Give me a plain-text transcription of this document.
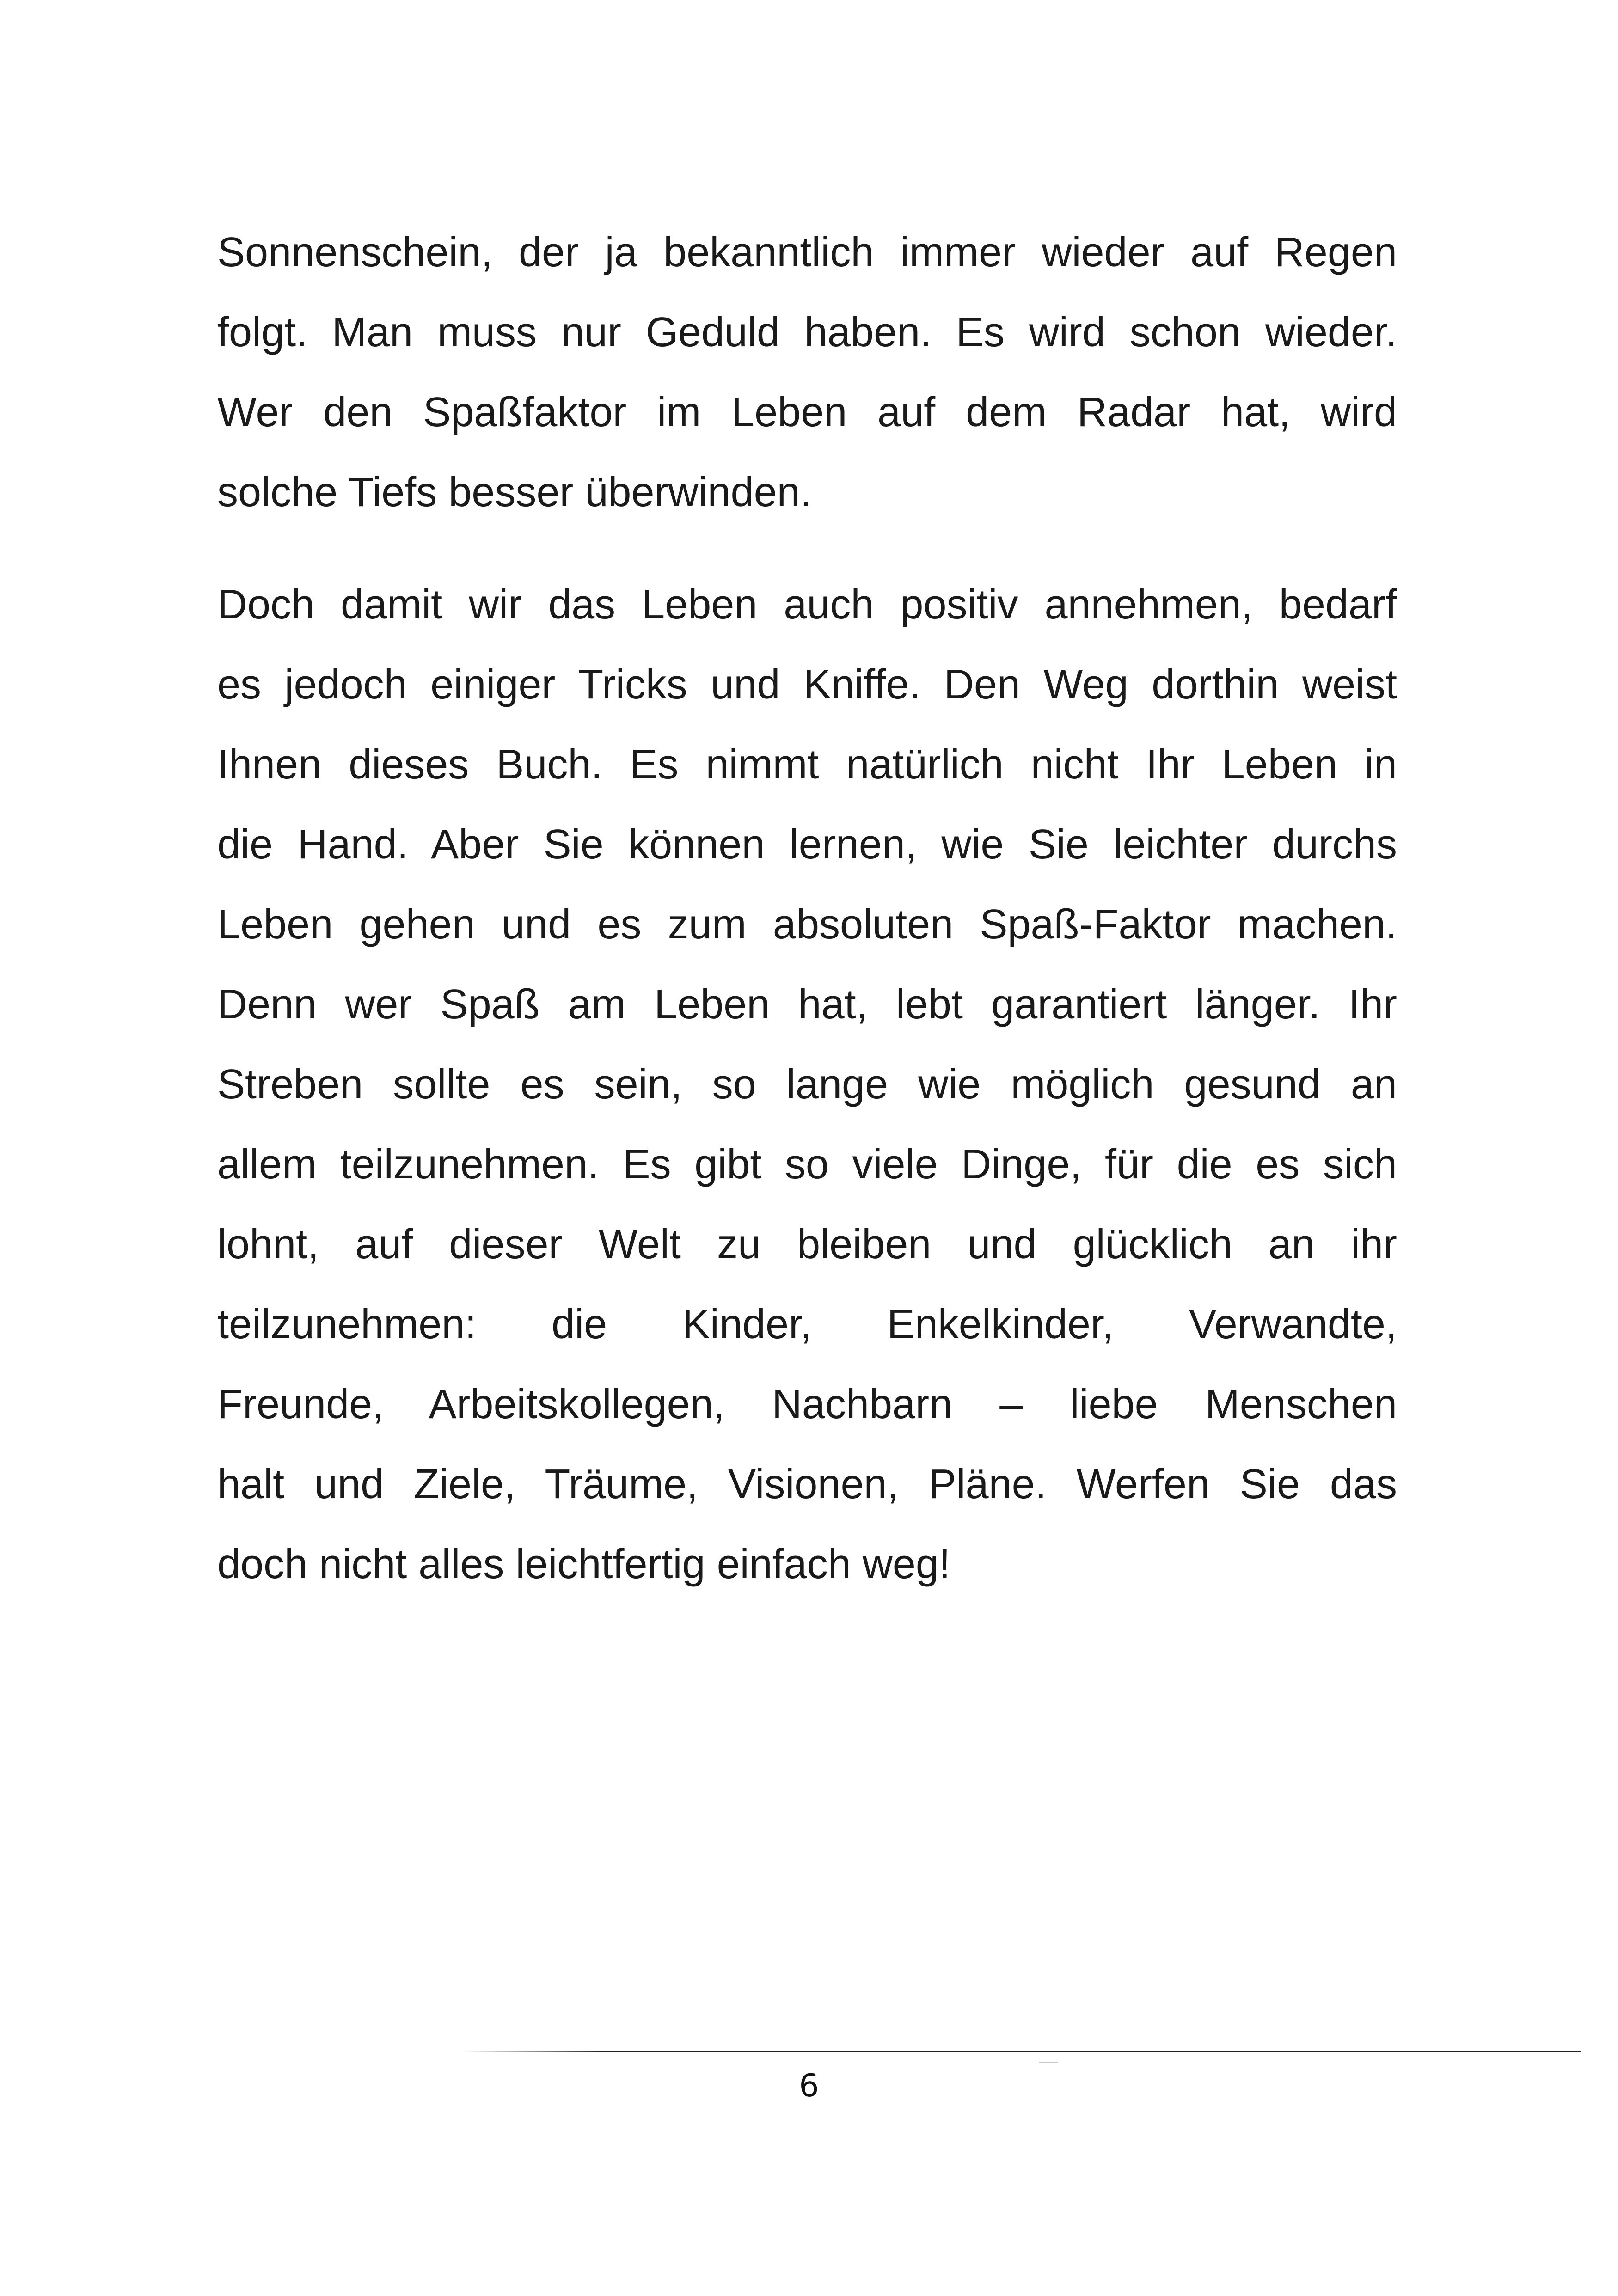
Sonnenschein, der ja bekanntlich immer wieder auf Regen
folgt. Man muss nur Geduld haben. Es wird schon wieder.
Wer den Spaßfaktor im Leben auf dem Radar hat, wird
solche Tiefs besser überwinden.

Doch damit wir das Leben auch positiv annehmen, bedarf
es jedoch einiger Tricks und Kniffe. Den Weg dorthin weist
Ihnen dieses Buch. Es nimmt natürlich nicht Ihr Leben in
die Hand. Aber Sie können lernen, wie Sie leichter durchs
Leben gehen und es zum absoluten Spaß-Faktor machen.
Denn wer Spaß am Leben hat, lebt garantiert länger. Ihr
Streben sollte es sein, so lange wie möglich gesund an
allem teilzunehmen. Es gibt so viele Dinge, für die es sich
lohnt, auf dieser Welt zu bleiben und glücklich an ihr
teilzunehmen: die Kinder, Enkelkinder, Verwandte,
Freunde, Arbeitskollegen, Nachbarn – liebe Menschen
halt und Ziele, Träume, Visionen, Pläne. Werfen Sie das
doch nicht alles leichtfertig einfach weg!

6
